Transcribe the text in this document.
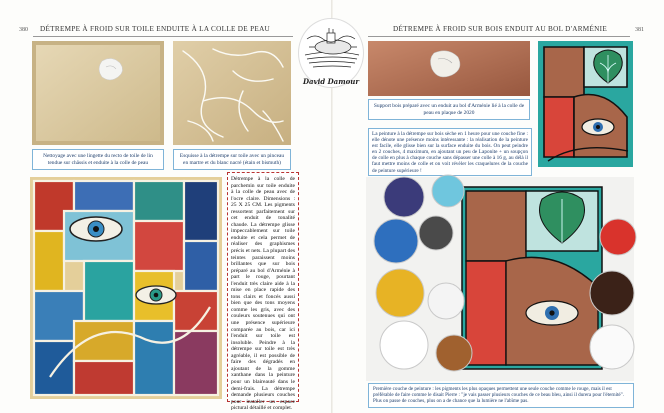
380 DÉTREMPE À FROID SUR TOILE ENDUITE À LA COLLE DE PEAU
Nettoyage avec une lingette du recto de toile de lin tendue sur châssis et enduite à la colle de peau
Esquisse à la détrempe sur toile avec un pinceau en martre et du blanc nacré (étain et bismuth)
Détrempe à la colle de parchemin sur toile enduite à la colle de peau avec de l'ocre claire. Dimensions : 25 X 25 CM. Les pigments ressortent parfaitement sur cet enduit de tonalité chaude. La détrempe glisse impeccablement sur toile enduite et cela permet de réaliser des graphismes précis et nets. La plupart des teintes paraissent moins brillantes que sur bois préparé au bol d'Arménie à part le rouge, pourtant l'enduit très claire aide à la mise en place rapide des tons clairs et foncés aussi bien que des tons moyens comme les gris, avec des couleurs soutenues qui ont une présence supérieure comparée au bois, car ici l'enduit sur toile est insoluble. Peindre à la détrempe sur toile est très agréable, il est possible de faire des dégradés en ajoutant de la gomme xanthane dans la peinture pour un blaireauté dans le demi-frais. La détrempe demande plusieurs couches pour installer un espace pictural détaillé et complet.
David Damour
DÉTREMPE À FROID SUR BOIS ENDUIT AU BOL D'ARMÉNIE	381
Support bois préparé avec un enduit au bol d'Arménie lié à la colle de peau en plaque de 2020
La peinture à la détrempe sur bois sèche en 1 heure pour une couche fine : elle dénote une présence moins intéressante : la réalisation de la peinture est facile, elle glisse bien sur la surface enduite du bois. On peut peindre en 2 couches, 4 maximum, en ajoutant un peu de Laponite + un soupçon de colle en plus à chaque couche sans dépasser une colle à 16 g, au délà il faut mettre moins de colle et on voit révèler les craquelures de la couche de peinture supérieure !
Première couche de peinture : les pigments les plus opaques permettent une seule couche comme le rouge, mais il est préférable de faire comme le disait Pierre : "je vais passer plusieurs couches de ce beau bleu, ainsi il durera pour l'éternité". Plus on passe de couches, plus on a de chance que la lumière ne l'abîme pas.
